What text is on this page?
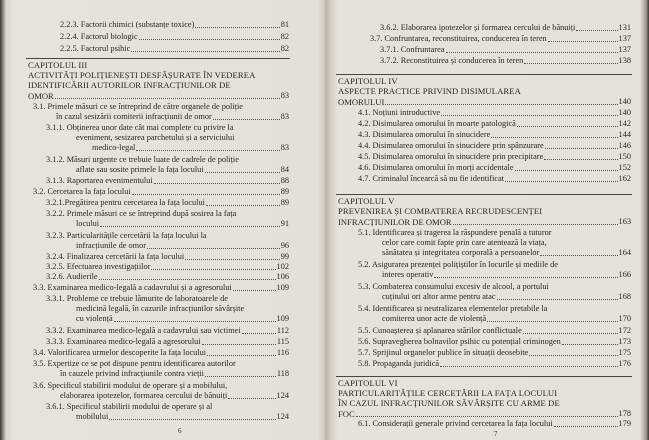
2.2.3. Factorii chimici (substanțe toxice)	81
2.2.4. Factorul biologic	82
2.2.5. Factorul psihic	82
CAPITOLUL III
ACTIVITĂȚI POLIȚIENEȘTI DESFĂȘURATE ÎN VEDEREA
IDENTIFICĂRII AUTORILOR INFRACȚIUNILOR DE
OMOR	83
3.1. Primele măsuri ce se întreprind de către organele de poliție
în cazul sesizării comiterii infracțiunii de omor	83
3.1.1. Obținerea unor date cât mai complete cu privire la
eveniment, sesizarea parchetului și a serviciului
medico-legal	83
3.1.2. Măsuri urgente ce trebuie luate de cadrele de poliție
aflate sau sosite primele la fața locului	84
3.1.3. Raportarea evenimentului	88
3.2. Cercetarea la fața locului	89
3.2.1.Pregătirea pentru cercetarea la fața locului	89
3.2.2. Primele măsuri ce se întreprind după sosirea la fața
locului	91
3.2.3. Particularitățile cercetării la fața locului la
infracțiunile de omor	96
3.2.4. Finalizarea cercetării la fața locului	99
3.2.5. Efectuarea investigațiilor	102
3.2.6. Audierile	106
3.3. Examinarea medico-legală a cadavrului și a agresorului	109
3.3.1. Probleme ce trebuie lămurite de laboratoarele de
medicină legală, în cazurile infracțiunilor săvârșite
cu violență	109
3.3.2. Examinarea medico-legală a cadavrului sau victimei	112
3.3.3. Examinarea medico-legală a agresorului	115
3.4. Valorificarea urmelor descoperite la fața locului	116
3.5. Expertize ce se pot dispune pentru identificarea autorilor
în cauzele privind infracțiunile contra vieții	118
3.6. Specificul stabilirii modului de operare și a mobilului,
elaborarea ipotezelor, formarea cercului de bănuiți	124
3.6.1. Specificul stabilirii modului de operare și al
mobilului	124
6
3.6.2. Elaborarea ipotezelor și formarea cercului de bănuiți	131
3.7. Confruntarea, reconstituirea, conducerea în teren	137
3.7.1. Confruntarea	137
3.7.2. Reconstituirea și conducerea în teren	138
CAPITOLUL IV
ASPECTE PRACTICE PRIVIND DISIMULAREA
OMORULUI	140
4.1. Noțiuni introductive	140
4.2. Disimularea omorului în moarte patologică	142
4.3. Disimularea omorului în sinucidere	144
4.4. Disimularea omorului în sinucidere prin spânzurare	146
4.5. Disimularea omorului în sinucidere prin precipitare	150
4.6. Disimularea omorului în morți accidentale	152
4.7. Criminalul încearcă să nu fie identificat	162
CAPITOLUL V
PREVENIREA ȘI COMBATEREA RECRUDESCENȚEI
INFRACȚIUNILOR DE OMOR	163
5.1. Identificarea și tragerea la răspundere penală a tuturor
celor care comit fapte prin care atentează la viața,
sănătatea și integritatea corporală a persoanelor	164
5.2. Asigurarea prezenței polițiștilor în locurile și mediile de
interes operativ	166
5.3. Combaterea consumului excesiv de alcool, a portului
cuțitului ori altor arme pentru atac	168
5.4. Identificarea și neutralizarea elementelor pretabile la
comiterea unor acte de violență	170
5.5. Cunoașterea și aplanarea stărilor conflictuale	172
5.6. Supravegherea bolnavilor psihic cu potențial criminogen	173
5.7. Sprijinul organelor publice în situații deosebite	175
5.8. Propaganda juridică	176
CAPITOLUL VI
PARTICULARITĂȚILE CERCETĂRII LA FAȚA LOCULUI
ÎN CAZUL INFRACȚIUNILOR SĂVÂRȘITE CU ARME DE
FOC	178
6.1. Considerații generale privind cercetarea la fața locului	179
7
